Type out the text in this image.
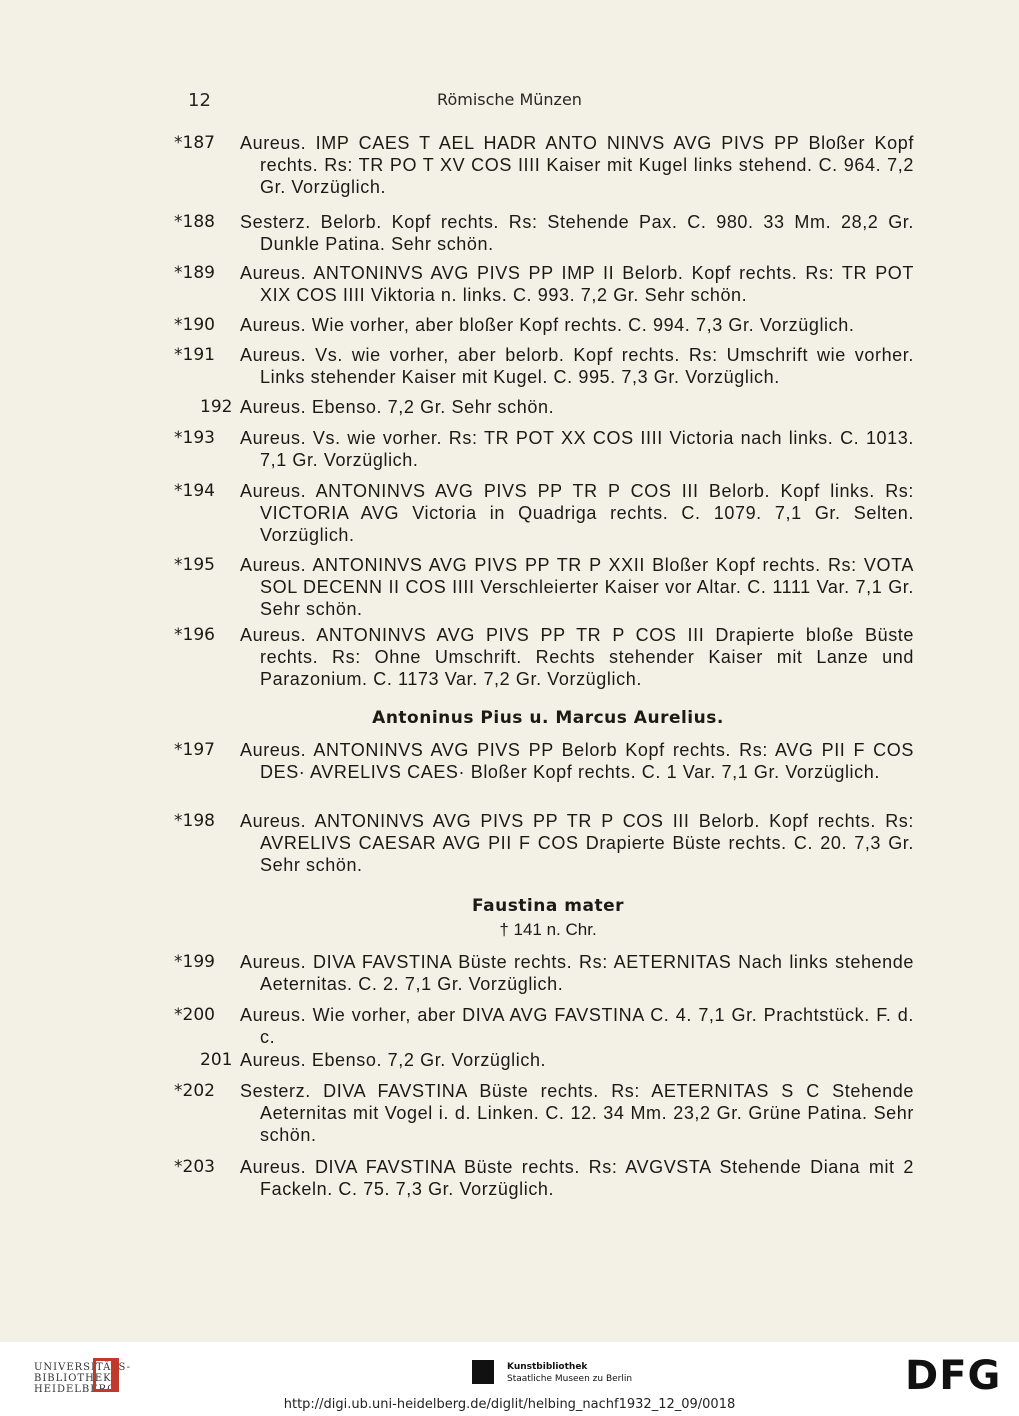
12	Römische Münzen
*187	Aureus. IMP CAES T AEL HADR ANTO NINVS AVG PIVS PP Bloßer Kopf rechts. Rs: TR PO T XV COS IIII Kaiser mit Kugel links stehend. C. 964. 7,2 Gr. Vorzüglich.
*188	Sesterz. Belorb. Kopf rechts. Rs: Stehende Pax. C. 980. 33 Mm. 28,2 Gr. Dunkle Patina. Sehr schön.
*189	Aureus. ANTONINVS AVG PIVS PP IMP II Belorb. Kopf rechts. Rs: TR POT XIX COS IIII Viktoria n. links. C. 993. 7,2 Gr. Sehr schön.
*190	Aureus. Wie vorher, aber bloßer Kopf rechts. C. 994. 7,3 Gr. Vorzüglich.
*191	Aureus. Vs. wie vorher, aber belorb. Kopf rechts. Rs: Umschrift wie vorher. Links stehender Kaiser mit Kugel. C. 995. 7,3 Gr. Vorzüglich.
192 Aureus. Ebenso. 7,2 Gr. Sehr schön.
*193	Aureus. Vs. wie vorher. Rs: TR POT XX COS IIII Victoria nach links. C. 1013. 7,1 Gr. Vorzüglich.
*194	Aureus. ANTONINVS AVG PIVS PP TR P COS III Belorb. Kopf links. Rs: VICTORIA AVG Victoria in Quadriga rechts. C. 1079. 7,1 Gr. Selten. Vorzüglich.
*195	Aureus. ANTONINVS AVG PIVS PP TR P XXII Bloßer Kopf rechts. Rs: VOTA SOL DECENN II COS IIII Verschleierter Kaiser vor Altar. C. 1111 Var. 7,1 Gr. Sehr schön.
*196	Aureus. ANTONINVS AVG PIVS PP TR P COS III Drapierte bloße Büste rechts. Rs: Ohne Umschrift. Rechts stehender Kaiser mit Lanze und Parazonium. C. 1173 Var. 7,2 Gr. Vorzüglich.
Antoninus Pius u. Marcus Aurelius.
*197	Aureus. ANTONINVS AVG PIVS PP Belorb Kopf rechts. Rs: AVG PII F COS DES· AVRELIVS CAES· Bloßer Kopf rechts. C. 1 Var. 7,1 Gr. Vorzüglich.
*198	Aureus. ANTONINVS AVG PIVS PP TR P COS III Belorb. Kopf rechts. Rs: AVRELIVS CAESAR AVG PII F COS Drapierte Büste rechts. C. 20. 7,3 Gr. Sehr schön.
Faustina mater
† 141 n. Chr.
*199	Aureus. DIVA FAVSTINA Büste rechts. Rs: AETERNITAS Nach links stehende Aeternitas. C. 2. 7,1 Gr. Vorzüglich.
*200	Aureus. Wie vorher, aber DIVA AVG FAVSTINA C. 4. 7,1 Gr. Prachtstück. F. d. c.
201 Aureus. Ebenso. 7,2 Gr. Vorzüglich.
*202	Sesterz. DIVA FAVSTINA Büste rechts. Rs: AETERNITAS S C Stehende Aeternitas mit Vogel i. d. Linken. C. 12. 34 Mm. 23,2 Gr. Grüne Patina. Sehr schön.
*203	Aureus. DIVA FAVSTINA Büste rechts. Rs: AVGVSTA Stehende Diana mit 2 Fackeln. C. 75. 7,3 Gr. Vorzüglich.
UNIVERSITÄTS-
BIBLIOTHEK
HEIDELBERG
Kunstbibliothek
Staatliche Museen zu Berlin	DFG
http://digi.ub.uni-heidelberg.de/diglit/helbing_nachf1932_12_09/0018
